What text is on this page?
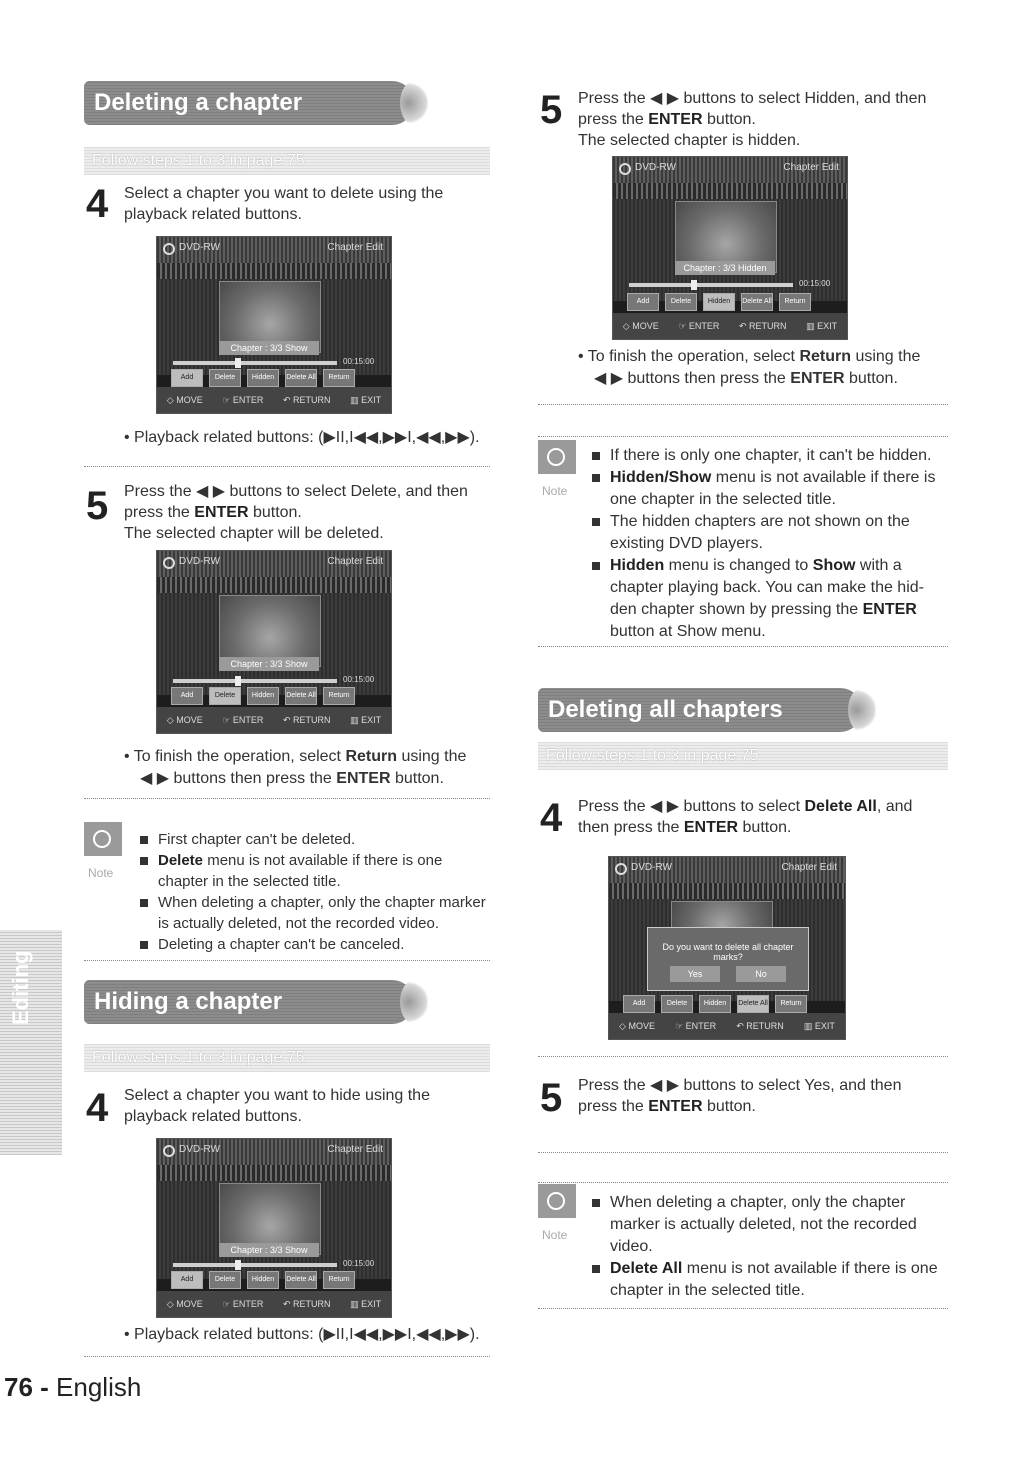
Deleting a chapter
Follow steps 1 to 3 in page 75
4 Select a chapter you want to delete using the playback related buttons.
DVD-RW	Chapter Edit
Chapter : 3/3 Show
00:15:00
Add	Delete	Hidden	Delete All	Return
◇ MOVE ☞ ENTER ↶ RETURN ▥ EXIT
• Playback related buttons: (▶II,I◀◀,▶▶I,◀◀,▶▶).
5 Press the ◀ ▶ buttons to select Delete, and then
press the ENTER button.
The selected chapter will be deleted.
DVD-RW	Chapter Edit
Chapter : 3/3 Show
00:15:00
Add	Delete	Hidden	Delete All	Return
◇ MOVE ☞ ENTER ↶ RETURN ▥ EXIT
• To finish the operation, select Return using the
◀ ▶ buttons then press the ENTER button.
Note
First chapter can't be deleted.
Delete menu is not available if there is one chapter in the selected title.
When deleting a chapter, only the chapter marker is actually deleted, not the recorded video.
Deleting a chapter can't be canceled.
Hiding a chapter
Follow steps 1 to 3 in page 75
4 Select a chapter you want to hide using the playback related buttons.
DVD-RW	Chapter Edit
Chapter : 3/3 Show
00:15:00
Add	Delete	Hidden	Delete All	Return
◇ MOVE ☞ ENTER ↶ RETURN ▥ EXIT
• Playback related buttons: (▶II,I◀◀,▶▶I,◀◀,▶▶).
Editing
76 - English
5 Press the ◀ ▶ buttons to select Hidden, and then
press the ENTER button.
The selected chapter is hidden.
DVD-RW	Chapter Edit
Chapter : 3/3 Hidden
00:15:00
Add	Delete	Hidden	Delete All	Return
◇ MOVE ☞ ENTER ↶ RETURN ▥ EXIT
• To finish the operation, select Return using the
◀ ▶ buttons then press the ENTER button.
Note
If there is only one chapter, it can't be hidden.
Hidden/Show menu is not available if there is one chapter in the selected title.
The hidden chapters are not shown on the existing DVD players.
Hidden menu is changed to Show with a chapter playing back. You can make the hid-den chapter shown by pressing the ENTER button at Show menu.
Deleting all chapters
Follow steps 1 to 3 in page 75
4 Press the ◀ ▶ buttons to select Delete All, and
then press the ENTER button.
DVD-RW	Chapter Edit
Do you want to delete all chapter marks?
Yes	No
Add	Delete	Hidden	Delete All	Return
◇ MOVE ☞ ENTER ↶ RETURN ▥ EXIT
5 Press the ◀ ▶ buttons to select Yes, and then
press the ENTER button.
Note
When deleting a chapter, only the chapter marker is actually deleted, not the recorded video.
Delete All menu is not available if there is one chapter in the selected title.
